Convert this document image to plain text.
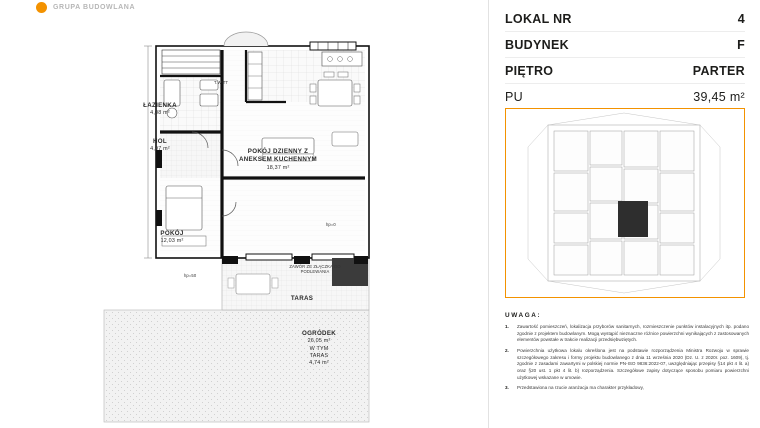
GRUPA BUDOWLANA
ŁAZIENKA
4,08 m²
HOL
4,97 m²	POKÓJ DZIENNY Z ANEKSEM KUCHENNYM
18,37 m²
POKÓJ
12,03 m²
TARAS
OGRÓDEK
26,05 m²
W TYM
TARAS
4,74 m²
T.WITT
hp=50
hp=0
ZAWÓR ZE ZŁĄCZKĄ DO PODLEWANIA
LOKAL NR	4
BUDYNEK	F
PIĘTRO	PARTER
PU	39,45 m²
UWAGA:
1.	Zawartość pomieszczeń, lokalizacja przyborów sanitarnych, rozmieszczenie punktów instalacyjnych itp. podano zgodnie z projektem budowlanym. Mogą wystąpić nieznaczne różnice powierzchni wynikających z zastosowanych elementów powstałe w trakcie realizacji przedsiębwziętych.
2.	Powierzchnia użytkowa lokalu określona jest na podstawie rozporządzenia Ministra Rozwoju w sprawie szczegółowego zakresu i formy projektu budowlanego z dnia 11 września 2020 (Dz. U. z 2020r. poz. 1609), tj. zgodnie z zasadami zawartymi w polskiej normie PN-ISO 9836:2022-07, uwzględniając przepisy §14 pkt 4 lit. a) oraz §20 ust. 1 pkt 4 lit. b) rozporządzenia. Szczegółowe zapisy dotyczące sposobu pomiaru powierzchni użytkowej wskazane w umowie.
3.	Przedstawiona na rzucie aranżacja ma charakter przykładowy,
